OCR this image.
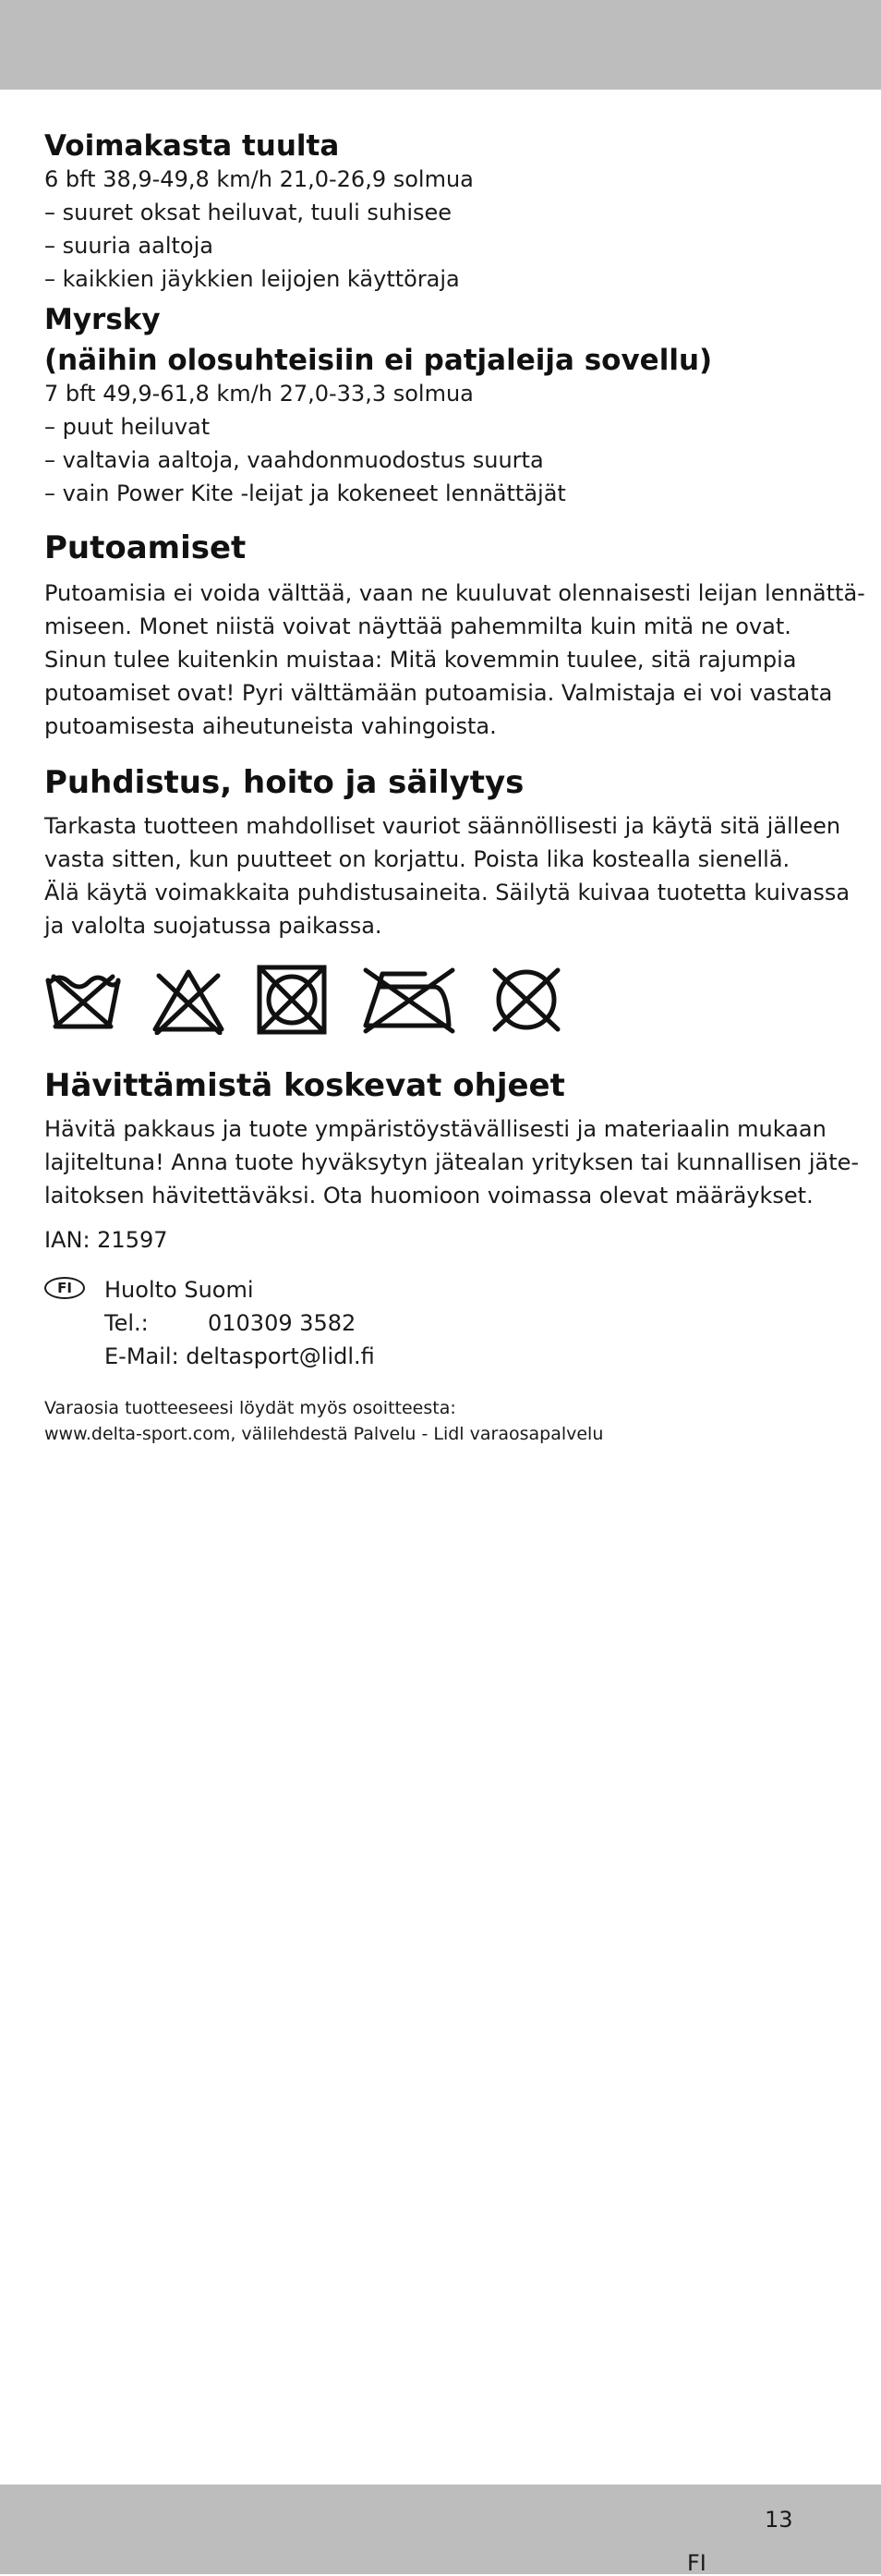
Voimakasta tuulta

6 bft 38,9-49,8 km/h 21,0-26,9 solmua
– suuret oksat heiluvat, tuuli suhisee
– suuria aaltoja
– kaikkien jäykkien leijojen käyttöraja

Myrsky
(näihin olosuhteisiin ei patjaleija sovellu)

7 bft 49,9-61,8 km/h 27,0-33,3 solmua
– puut heiluvat
– valtavia aaltoja, vaahdonmuodostus suurta
– vain Power Kite -leijat ja kokeneet lennättäjät

Putoamiset

Putoamisia ei voida välttää, vaan ne kuuluvat olennaisesti leijan lennättä-
miseen. Monet niistä voivat näyttää pahemmilta kuin mitä ne ovat.
Sinun tulee kuitenkin muistaa: Mitä kovemmin tuulee, sitä rajumpia
putoamiset ovat! Pyri välttämään putoamisia. Valmistaja ei voi vastata
putoamisesta aiheutuneista vahingoista.

Puhdistus, hoito ja säilytys

Tarkasta tuotteen mahdolliset vauriot säännöllisesti ja käytä sitä jälleen
vasta sitten, kun puutteet on korjattu. Poista lika kostealla sienellä.
Älä käytä voimakkaita puhdistusaineita. Säilytä kuivaa tuotetta kuivassa
ja valolta suojatussa paikassa.

Hävittämistä koskevat ohjeet

Hävitä pakkaus ja tuote ympäristöystävällisesti ja materiaalin mukaan
lajiteltuna! Anna tuote hyväksytyn jätealan yrityksen tai kunnallisen jäte-
laitoksen hävitettäväksi. Ota huomioon voimassa olevat määräykset.

IAN: 21597

FI	Huolto Suomi
Tel.:	010309 3582
E-Mail: deltasport@lidl.fi
Varaosia tuotteeseesi löydät myös osoitteesta:
www.delta-sport.com, välilehdestä Palvelu - Lidl varaosapalvelu
FI
13
